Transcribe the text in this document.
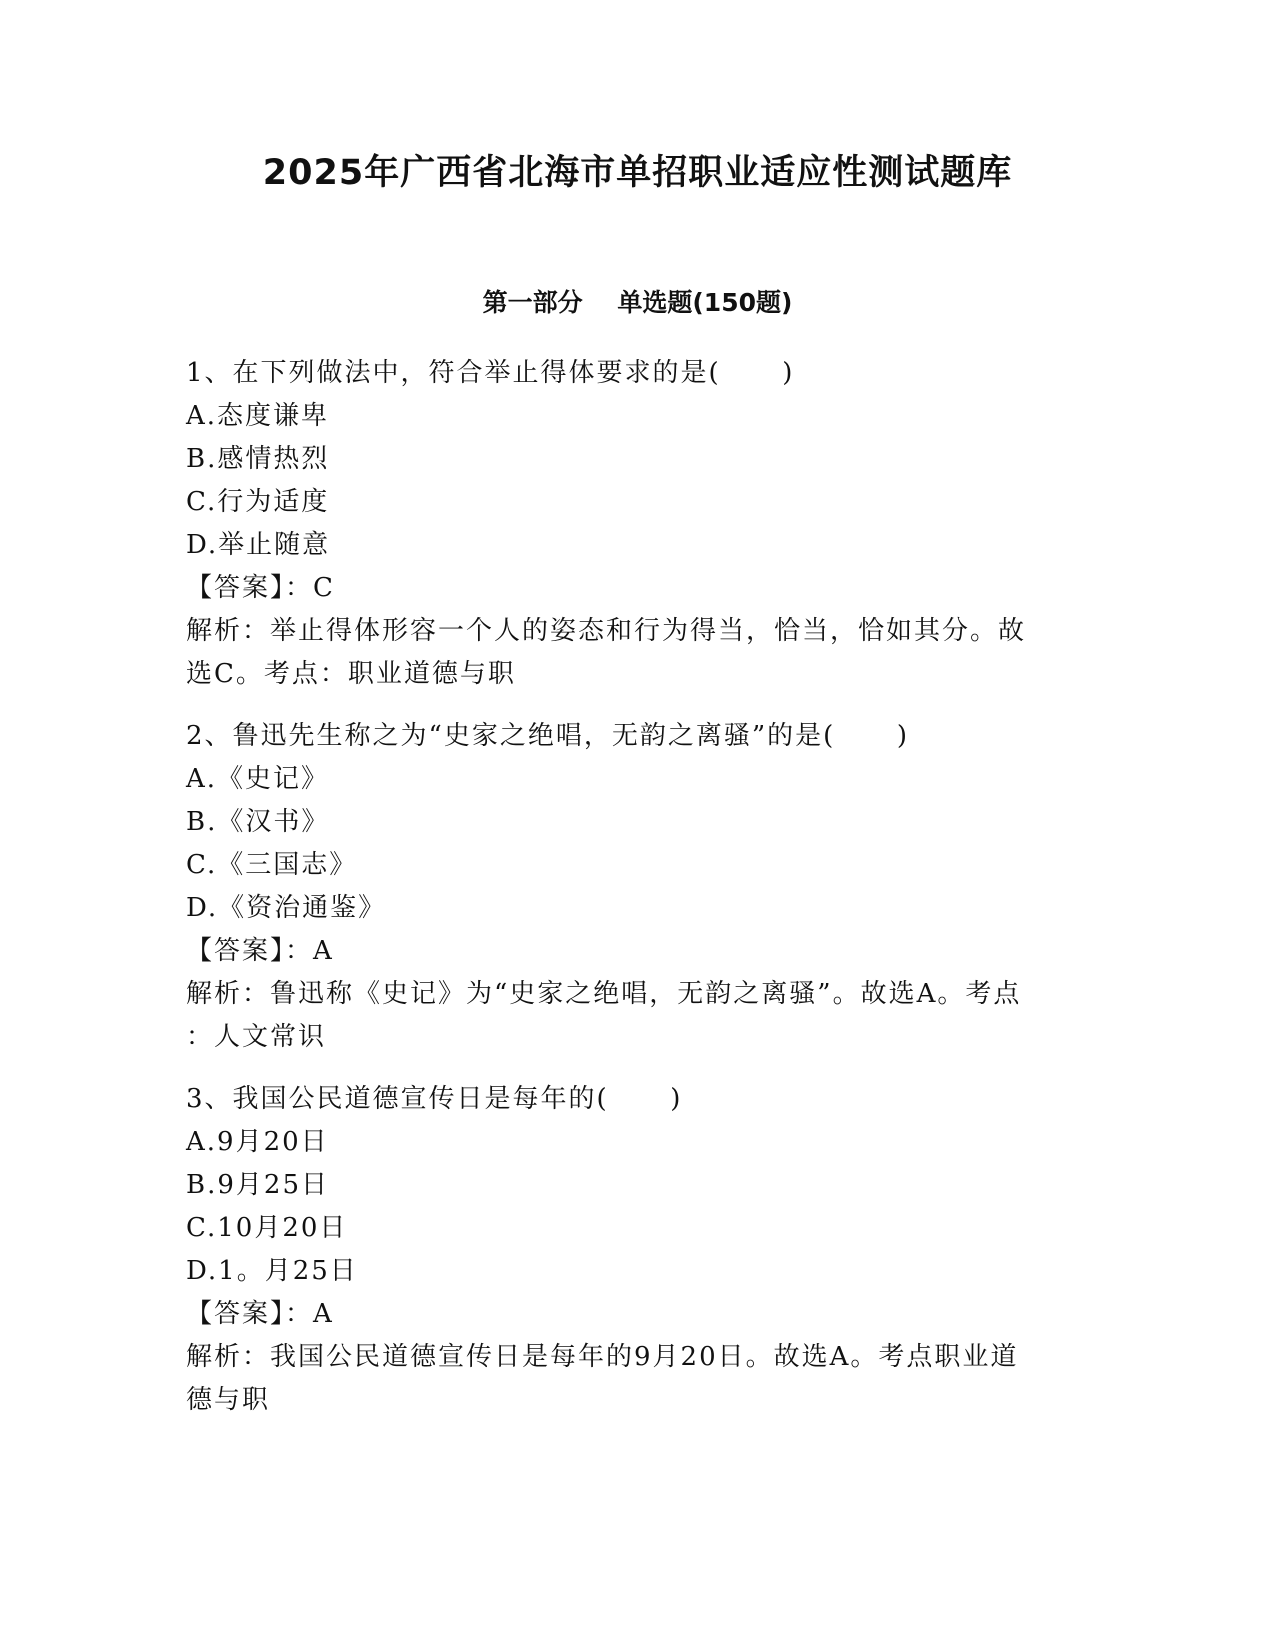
2025年广西省北海市单招职业适应性测试题库
第一部分    单选题(150题)
1、在下列做法中，符合举止得体要求的是(      )
A.态度谦卑
B.感情热烈
C.行为适度
D.举止随意
【答案】：C
解析：举止得体形容一个人的姿态和行为得当，恰当，恰如其分。故
选C。考点：职业道德与职
2、鲁迅先生称之为“史家之绝唱，无韵之离骚”的是(      )
A.《史记》
B.《汉书》
C.《三国志》
D.《资治通鉴》
【答案】：A
解析：鲁迅称《史记》为“史家之绝唱，无韵之离骚”。故选A。考点
：人文常识
3、我国公民道德宣传日是每年的(      )
A.9月20日
B.9月25日
C.10月20日
D.1。月25日
【答案】：A
解析：我国公民道德宣传日是每年的9月20日。故选A。考点职业道
德与职
